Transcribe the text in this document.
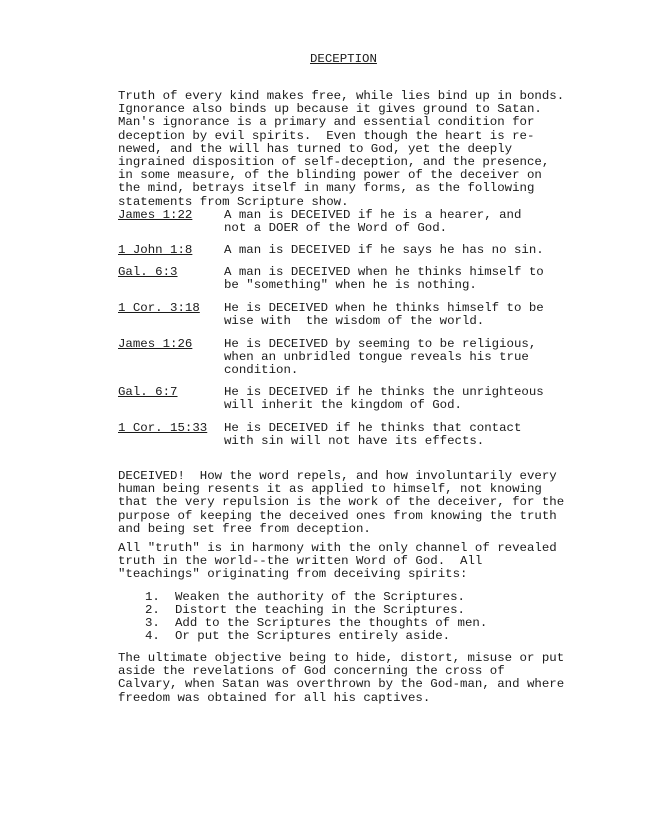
DECEPTION
Truth of every kind makes free, while lies bind up in bonds.
Ignorance also binds up because it gives ground to Satan.
Man's ignorance is a primary and essential condition for
deception by evil spirits.  Even though the heart is re-
newed, and the will has turned to God, yet the deeply
ingrained disposition of self-deception, and the presence,
in some measure, of the blinding power of the deceiver on
the mind, betrays itself in many forms, as the following
statements from Scripture show.
James 1:22	A man is DECEIVED if he is a hearer, and
not a DOER of the Word of God.
1 John 1:8	A man is DECEIVED if he says he has no sin.
Gal. 6:3	A man is DECEIVED when he thinks himself to
be "something" when he is nothing.
1 Cor. 3:18 He is DECEIVED when he thinks himself to be
wise with  the wisdom of the world.
James 1:26	He is DECEIVED by seeming to be religious,
when an unbridled tongue reveals his true
condition.
Gal. 6:7	He is DECEIVED if he thinks the unrighteous
will inherit the kingdom of God.
1 Cor. 15:33 He is DECEIVED if he thinks that contact
with sin will not have its effects.
DECEIVED!  How the word repels, and how involuntarily every
human being resents it as applied to himself, not knowing
that the very repulsion is the work of the deceiver, for the
purpose of keeping the deceived ones from knowing the truth
and being set free from deception.
All "truth" is in harmony with the only channel of revealed
truth in the world--the written Word of God.  All
"teachings" originating from deceiving spirits:
1. Weaken the authority of the Scriptures.
2. Distort the teaching in the Scriptures.
3. Add to the Scriptures the thoughts of men.
4. Or put the Scriptures entirely aside.
The ultimate objective being to hide, distort, misuse or put
aside the revelations of God concerning the cross of
Calvary, when Satan was overthrown by the God-man, and where
freedom was obtained for all his captives.
